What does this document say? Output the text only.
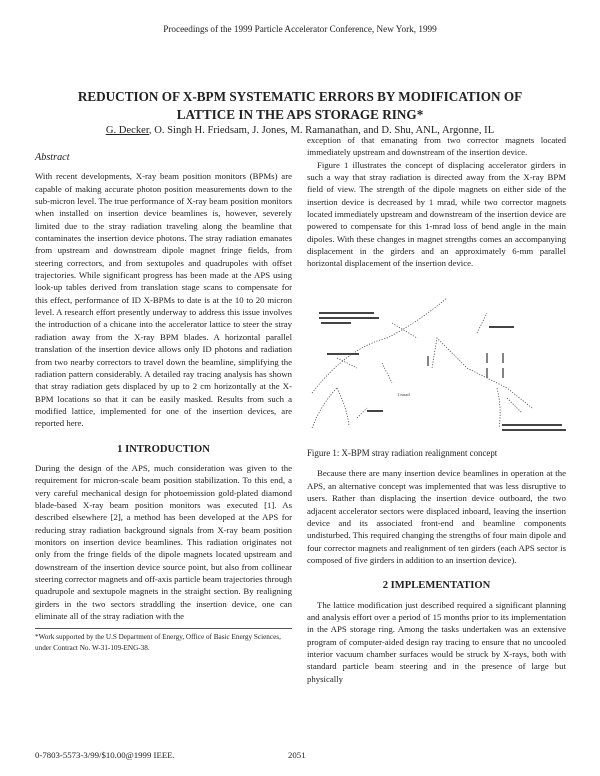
Proceedings of the 1999 Particle Accelerator Conference, New York, 1999
REDUCTION OF X-BPM SYSTEMATIC ERRORS BY MODIFICATION OF
LATTICE IN THE APS STORAGE RING*
G. Decker, O. Singh H. Friedsam, J. Jones, M. Ramanathan, and D. Shu, ANL, Argonne, IL
Abstract

With recent developments, X-ray beam position monitors (BPMs) are capable of making accurate photon position measurements down to the sub-micron level. The true performance of X-ray beam position monitors when installed on insertion device beamlines is, however, severely limited due to the stray radiation traveling along the beamline that contaminates the insertion device photons. The stray radiation emanates from upstream and downstream dipole magnet fringe fields, from steering correctors, and from sextupoles and quadrupoles with offset trajectories. While significant progress has been made at the APS using look-up tables derived from translation stage scans to compensate for this effect, performance of ID X-BPMs to date is at the 10 to 20 micron level. A research effort presently underway to address this issue involves the introduction of a chicane into the accelerator lattice to steer the stray radiation away from the X-ray BPM blades. A horizontal parallel translation of the insertion device allows only ID photons and radiation from two nearby correctors to travel down the beamline, simplifying the radiation pattern considerably. A detailed ray tracing analysis has shown that stray radiation gets displaced by up to 2 cm horizontally at the X-BPM locations so that it can be easily masked. Results from such a modified lattice, implemented for one of the insertion devices, are reported here.

1 INTRODUCTION

During the design of the APS, much consideration was given to the requirement for micron-scale beam position stabilization. To this end, a very careful mechanical design for photoemission gold-plated diamond blade-based X-ray beam position monitors was executed [1]. As described elsewhere [2], a method has been developed at the APS for reducing stray radiation background signals from X-ray beam position monitors on insertion device beamlines. This radiation originates not only from the fringe fields of the dipole magnets located upstream and downstream of the insertion device source point, but also from collinear steering corrector magnets and off-axis particle beam trajectories through quadrupole and sextupole magnets in the straight section. By realigning girders in the two sectors straddling the insertion device, one can eliminate all of the stray radiation with the

*Work supported by the U.S Department of Energy, Office of Basic Energy Sciences, under Contract No. W-31-109-ENG-38.

exception of that emanating from two corrector magnets located immediately upstream and downstream of the insertion device.

Figure 1 illustrates the concept of displacing accelerator girders in such a way that stray radiation is directed away from the X-ray BPM field of view. The strength of the dipole magnets on either side of the insertion device is decreased by 1 mrad, while two corrector magnets located immediately upstream and downstream of the insertion device are powered to compensate for this 1-mrad loss of bend angle in the main dipoles. With these changes in magnet strengths comes an accompanying displacement in the girders and an approximately 6-mm parallel horizontal displacement of the insertion device.

1 mrad
Figure 1: X-BPM stray radiation realignment concept

Because there are many insertion device beamlines in operation at the APS, an alternative concept was implemented that was less disruptive to users. Rather than displacing the insertion device outboard, the two adjacent accelerator sectors were displaced inboard, leaving the insertion device and its associated front-end and beamline components undisturbed. This required changing the strengths of four main dipole and four corrector magnets and realignment of ten girders (each APS sector is composed of five girders in addition to an insertion device).

2 IMPLEMENTATION

The lattice modification just described required a significant planning and analysis effort over a period of 15 months prior to its implementation in the APS storage ring. Among the tasks undertaken was an extensive program of computer-aided design ray tracing to ensure that no uncooled interior vacuum chamber surfaces would be struck by X-rays, both with standard particle beam steering and in the presence of large but physically

0-7803-5573-3/99/$10.00@1999 IEEE.	2051
